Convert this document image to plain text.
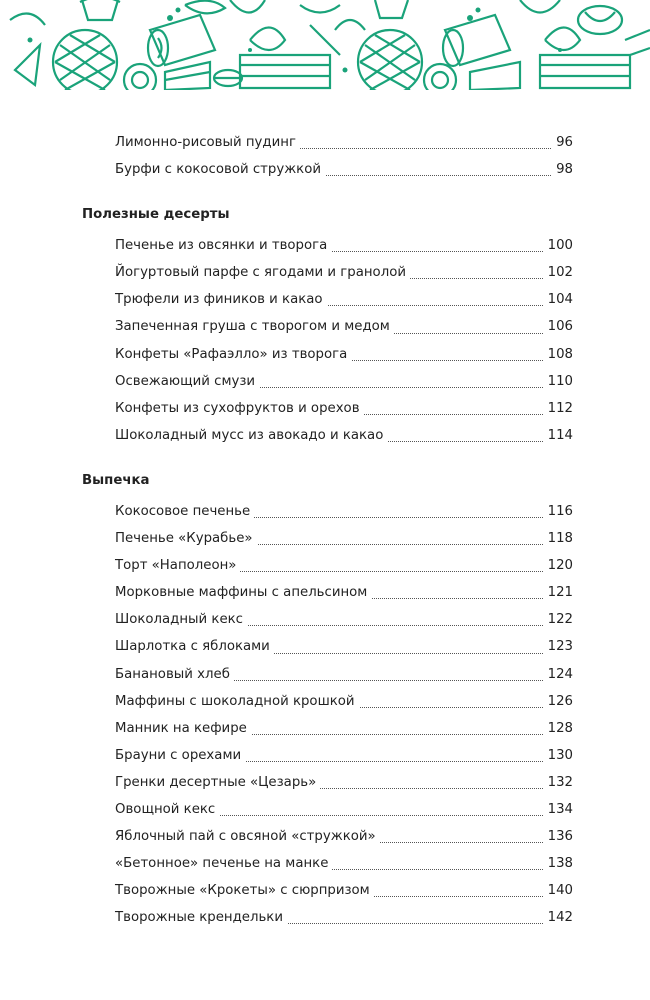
Лимонно-рисовый пудинг	96
Бурфи с кокосовой стружкой	98
Полезные десерты
Печенье из овсянки и творога	100
Йогуртовый парфе с ягодами и гранолой	102
Трюфели из фиников и какао	104
Запеченная груша с творогом и медом	106
Конфеты «Рафаэлло» из творога	108
Освежающий смузи	110
Конфеты из сухофруктов и орехов	112
Шоколадный мусс из авокадо и какао	114
Выпечка
Кокосовое печенье	116
Печенье «Курабье»	118
Торт «Наполеон»	120
Морковные маффины с апельсином	121
Шоколадный кекс	122
Шарлотка с яблоками	123
Банановый хлеб	124
Маффины с шоколадной крошкой	126
Манник на кефире	128
Брауни с орехами	130
Гренки десертные «Цезарь»	132
Овощной кекс	134
Яблочный пай с овсяной «стружкой»	136
«Бетонное» печенье на манке	138
Творожные «Крокеты» с сюрпризом	140
Творожные крендельки	142
